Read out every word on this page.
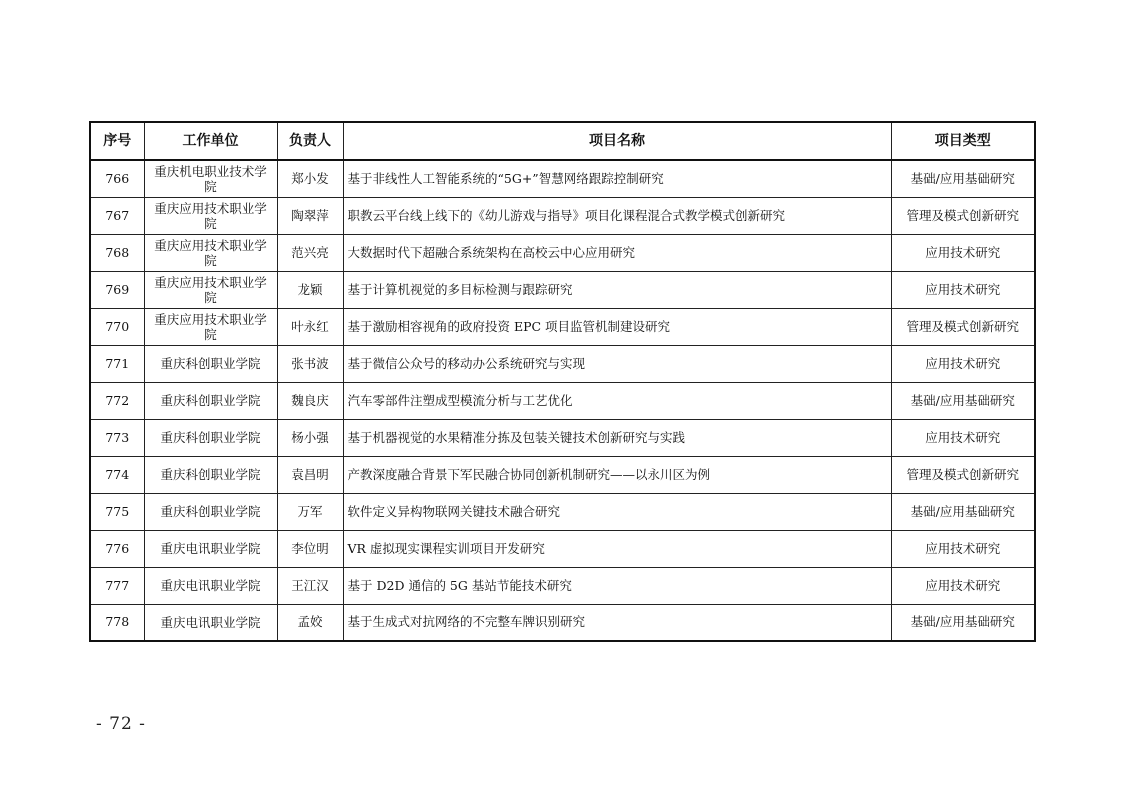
序号	工作单位	负责人	项目名称	项目类型
766	重庆机电职业技术学院	郑小发	基于非线性人工智能系统的“5G+”智慧网络跟踪控制研究	基础/应用基础研究
767	重庆应用技术职业学院	陶翠萍	职教云平台线上线下的《幼儿游戏与指导》项目化课程混合式教学模式创新研究	管理及模式创新研究
768	重庆应用技术职业学院	范兴亮	大数据时代下超融合系统架构在高校云中心应用研究	应用技术研究
769	重庆应用技术职业学院	龙颖	基于计算机视觉的多目标检测与跟踪研究	应用技术研究
770	重庆应用技术职业学院	叶永红	基于激励相容视角的政府投资 EPC 项目监管机制建设研究	管理及模式创新研究
771	重庆科创职业学院	张书波	基于微信公众号的移动办公系统研究与实现	应用技术研究
772	重庆科创职业学院	魏良庆	汽车零部件注塑成型模流分析与工艺优化	基础/应用基础研究
773	重庆科创职业学院	杨小强	基于机器视觉的水果精准分拣及包装关键技术创新研究与实践	应用技术研究
774	重庆科创职业学院	袁昌明	产教深度融合背景下军民融合协同创新机制研究——以永川区为例	管理及模式创新研究
775	重庆科创职业学院	万军	软件定义异构物联网关键技术融合研究	基础/应用基础研究
776	重庆电讯职业学院	李位明	VR 虚拟现实课程实训项目开发研究	应用技术研究
777	重庆电讯职业学院	王江汉	基于 D2D 通信的 5G 基站节能技术研究	应用技术研究
778	重庆电讯职业学院	孟姣	基于生成式对抗网络的不完整车牌识别研究	基础/应用基础研究
- 72 -
